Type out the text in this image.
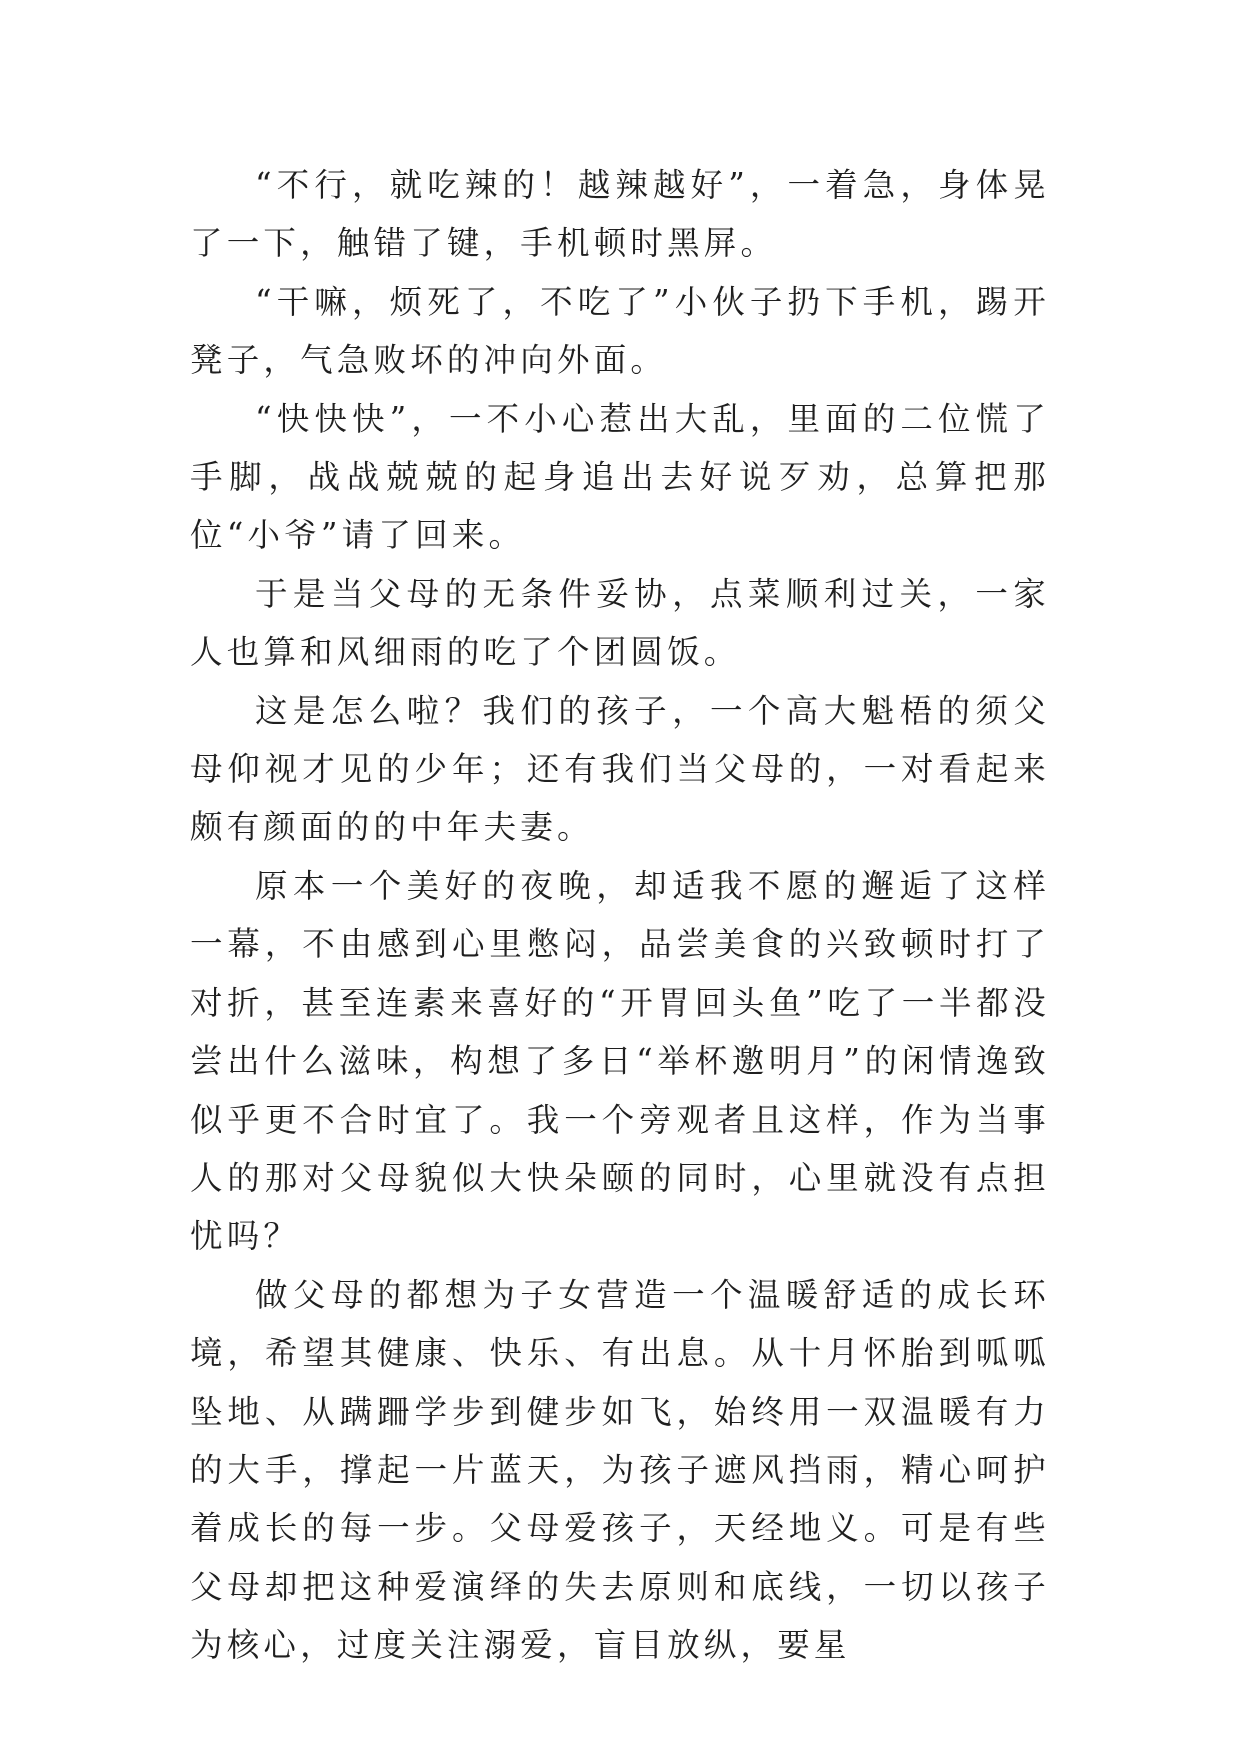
“不行，就吃辣的！越辣越好”，一着急，身体晃了一下，触错了键，手机顿时黑屏。

“干嘛，烦死了，不吃了”小伙子扔下手机，踢开凳子，气急败坏的冲向外面。

“快快快”，一不小心惹出大乱，里面的二位慌了手脚，战战兢兢的起身追出去好说歹劝，总算把那位“小爷”请了回来。

于是当父母的无条件妥协，点菜顺利过关，一家人也算和风细雨的吃了个团圆饭。

这是怎么啦？我们的孩子，一个高大魁梧的须父母仰视才见的少年；还有我们当父母的，一对看起来颇有颜面的的中年夫妻。

原本一个美好的夜晚，却适我不愿的邂逅了这样一幕，不由感到心里憋闷，品尝美食的兴致顿时打了对折，甚至连素来喜好的“开胃回头鱼”吃了一半都没尝出什么滋味，构想了多日“举杯邀明月”的闲情逸致似乎更不合时宜了。我一个旁观者且这样，作为当事人的那对父母貌似大快朵颐的同时，心里就没有点担忧吗？

做父母的都想为子女营造一个温暖舒适的成长环境，希望其健康、快乐、有出息。从十月怀胎到呱呱坠地、从蹒跚学步到健步如飞，始终用一双温暖有力的大手，撑起一片蓝天，为孩子遮风挡雨，精心呵护着成长的每一步。父母爱孩子，天经地义。可是有些父母却把这种爱演绎的失去原则和底线，一切以孩子为核心，过度关注溺爱，盲目放纵，要星
